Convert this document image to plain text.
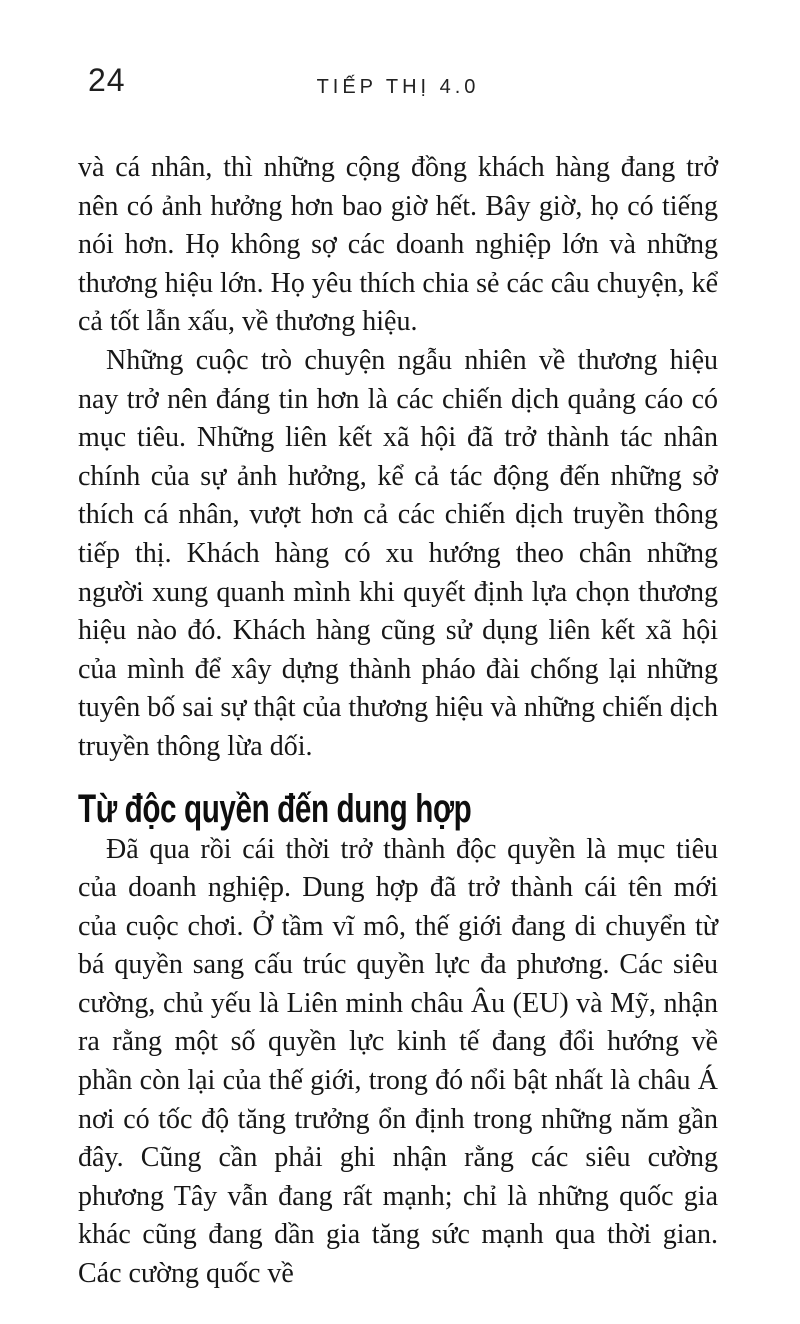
24	TIẾP THỊ 4.0

và cá nhân, thì những cộng đồng khách hàng đang trở nên có ảnh hưởng hơn bao giờ hết. Bây giờ, họ có tiếng nói hơn. Họ không sợ các doanh nghiệp lớn và những thương hiệu lớn. Họ yêu thích chia sẻ các câu chuyện, kể cả tốt lẫn xấu, về thương hiệu.

Những cuộc trò chuyện ngẫu nhiên về thương hiệu nay trở nên đáng tin hơn là các chiến dịch quảng cáo có mục tiêu. Những liên kết xã hội đã trở thành tác nhân chính của sự ảnh hưởng, kể cả tác động đến những sở thích cá nhân, vượt hơn cả các chiến dịch truyền thông tiếp thị. Khách hàng có xu hướng theo chân những người xung quanh mình khi quyết định lựa chọn thương hiệu nào đó. Khách hàng cũng sử dụng liên kết xã hội của mình để xây dựng thành pháo đài chống lại những tuyên bố sai sự thật của thương hiệu và những chiến dịch truyền thông lừa dối.

Từ độc quyền đến dung hợp

Đã qua rồi cái thời trở thành độc quyền là mục tiêu của doanh nghiệp. Dung hợp đã trở thành cái tên mới của cuộc chơi. Ở tầm vĩ mô, thế giới đang di chuyển từ bá quyền sang cấu trúc quyền lực đa phương. Các siêu cường, chủ yếu là Liên minh châu Âu (EU) và Mỹ, nhận ra rằng một số quyền lực kinh tế đang đổi hướng về phần còn lại của thế giới, trong đó nổi bật nhất là châu Á nơi có tốc độ tăng trưởng ổn định trong những năm gần đây. Cũng cần phải ghi nhận rằng các siêu cường phương Tây vẫn đang rất mạnh; chỉ là những quốc gia khác cũng đang dần gia tăng sức mạnh qua thời gian. Các cường quốc về
